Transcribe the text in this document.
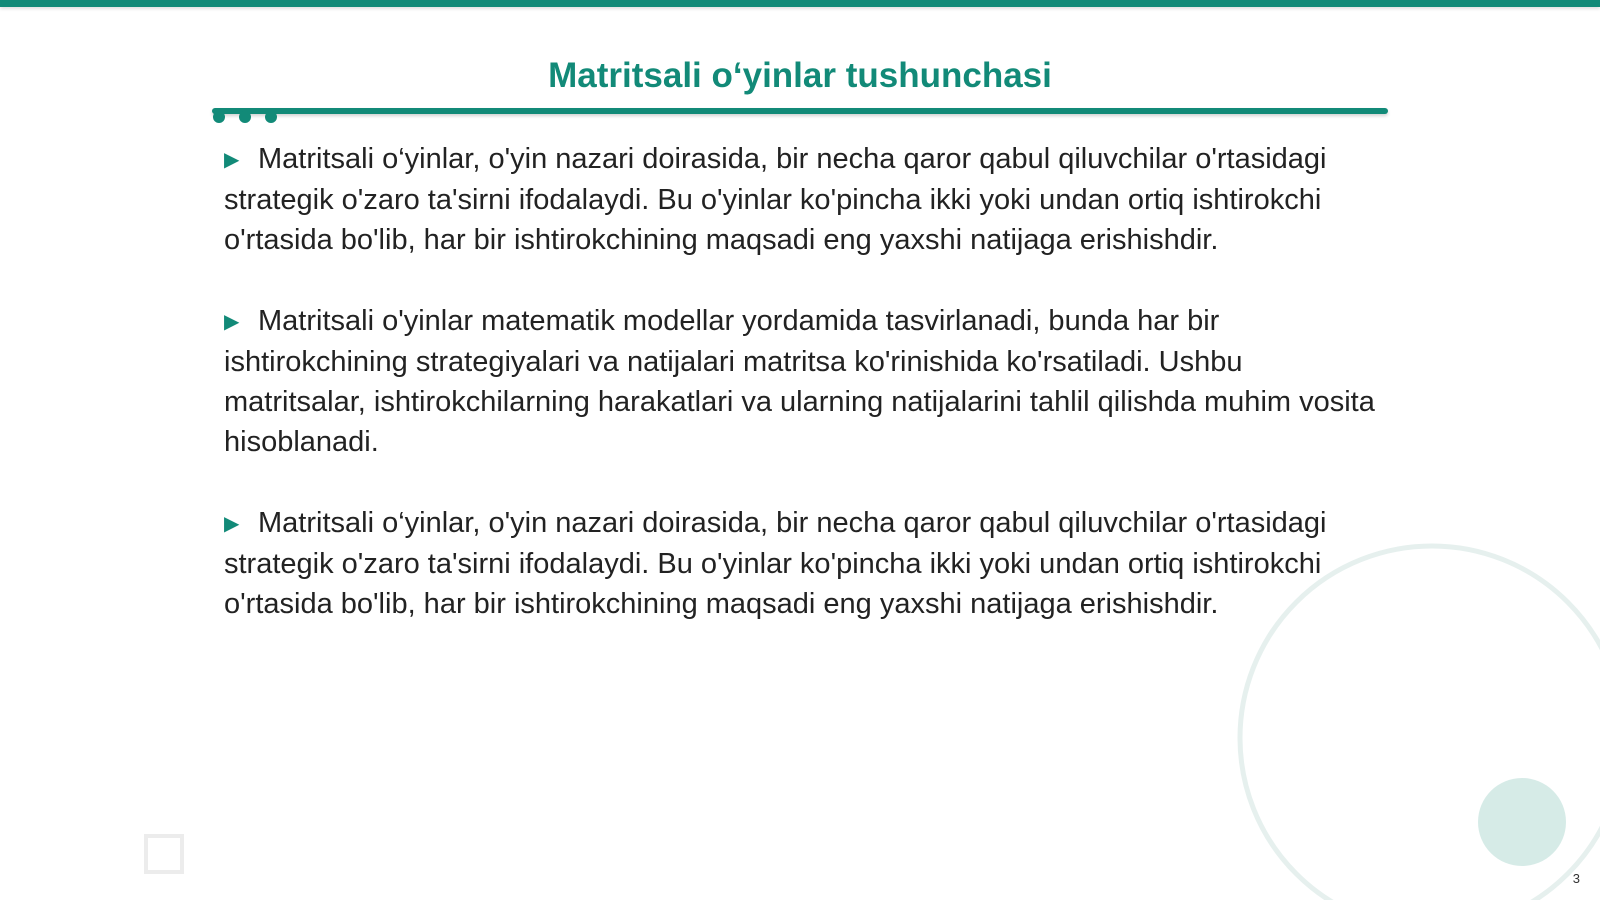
Matritsali o‘yinlar tushunchasi

▶ Matritsali o‘yinlar, o'yin nazari doirasida, bir necha qaror qabul qiluvchilar o'rtasidagi strategik o'zaro ta'sirni ifodalaydi. Bu o'yinlar ko'pincha ikki yoki undan ortiq ishtirokchi o'rtasida bo'lib, har bir ishtirokchining maqsadi eng yaxshi natijaga erishishdir.

▶ Matritsali o'yinlar matematik modellar yordamida tasvirlanadi, bunda har bir ishtirokchining strategiyalari va natijalari matritsa ko'rinishida ko'rsatiladi. Ushbu matritsalar, ishtirokchilarning harakatlari va ularning natijalarini tahlil qilishda muhim vosita hisoblanadi.

▶ Matritsali o‘yinlar, o'yin nazari doirasida, bir necha qaror qabul qiluvchilar o'rtasidagi strategik o'zaro ta'sirni ifodalaydi. Bu o'yinlar ko'pincha ikki yoki undan ortiq ishtirokchi o'rtasida bo'lib, har bir ishtirokchining maqsadi eng yaxshi natijaga erishishdir.

3
